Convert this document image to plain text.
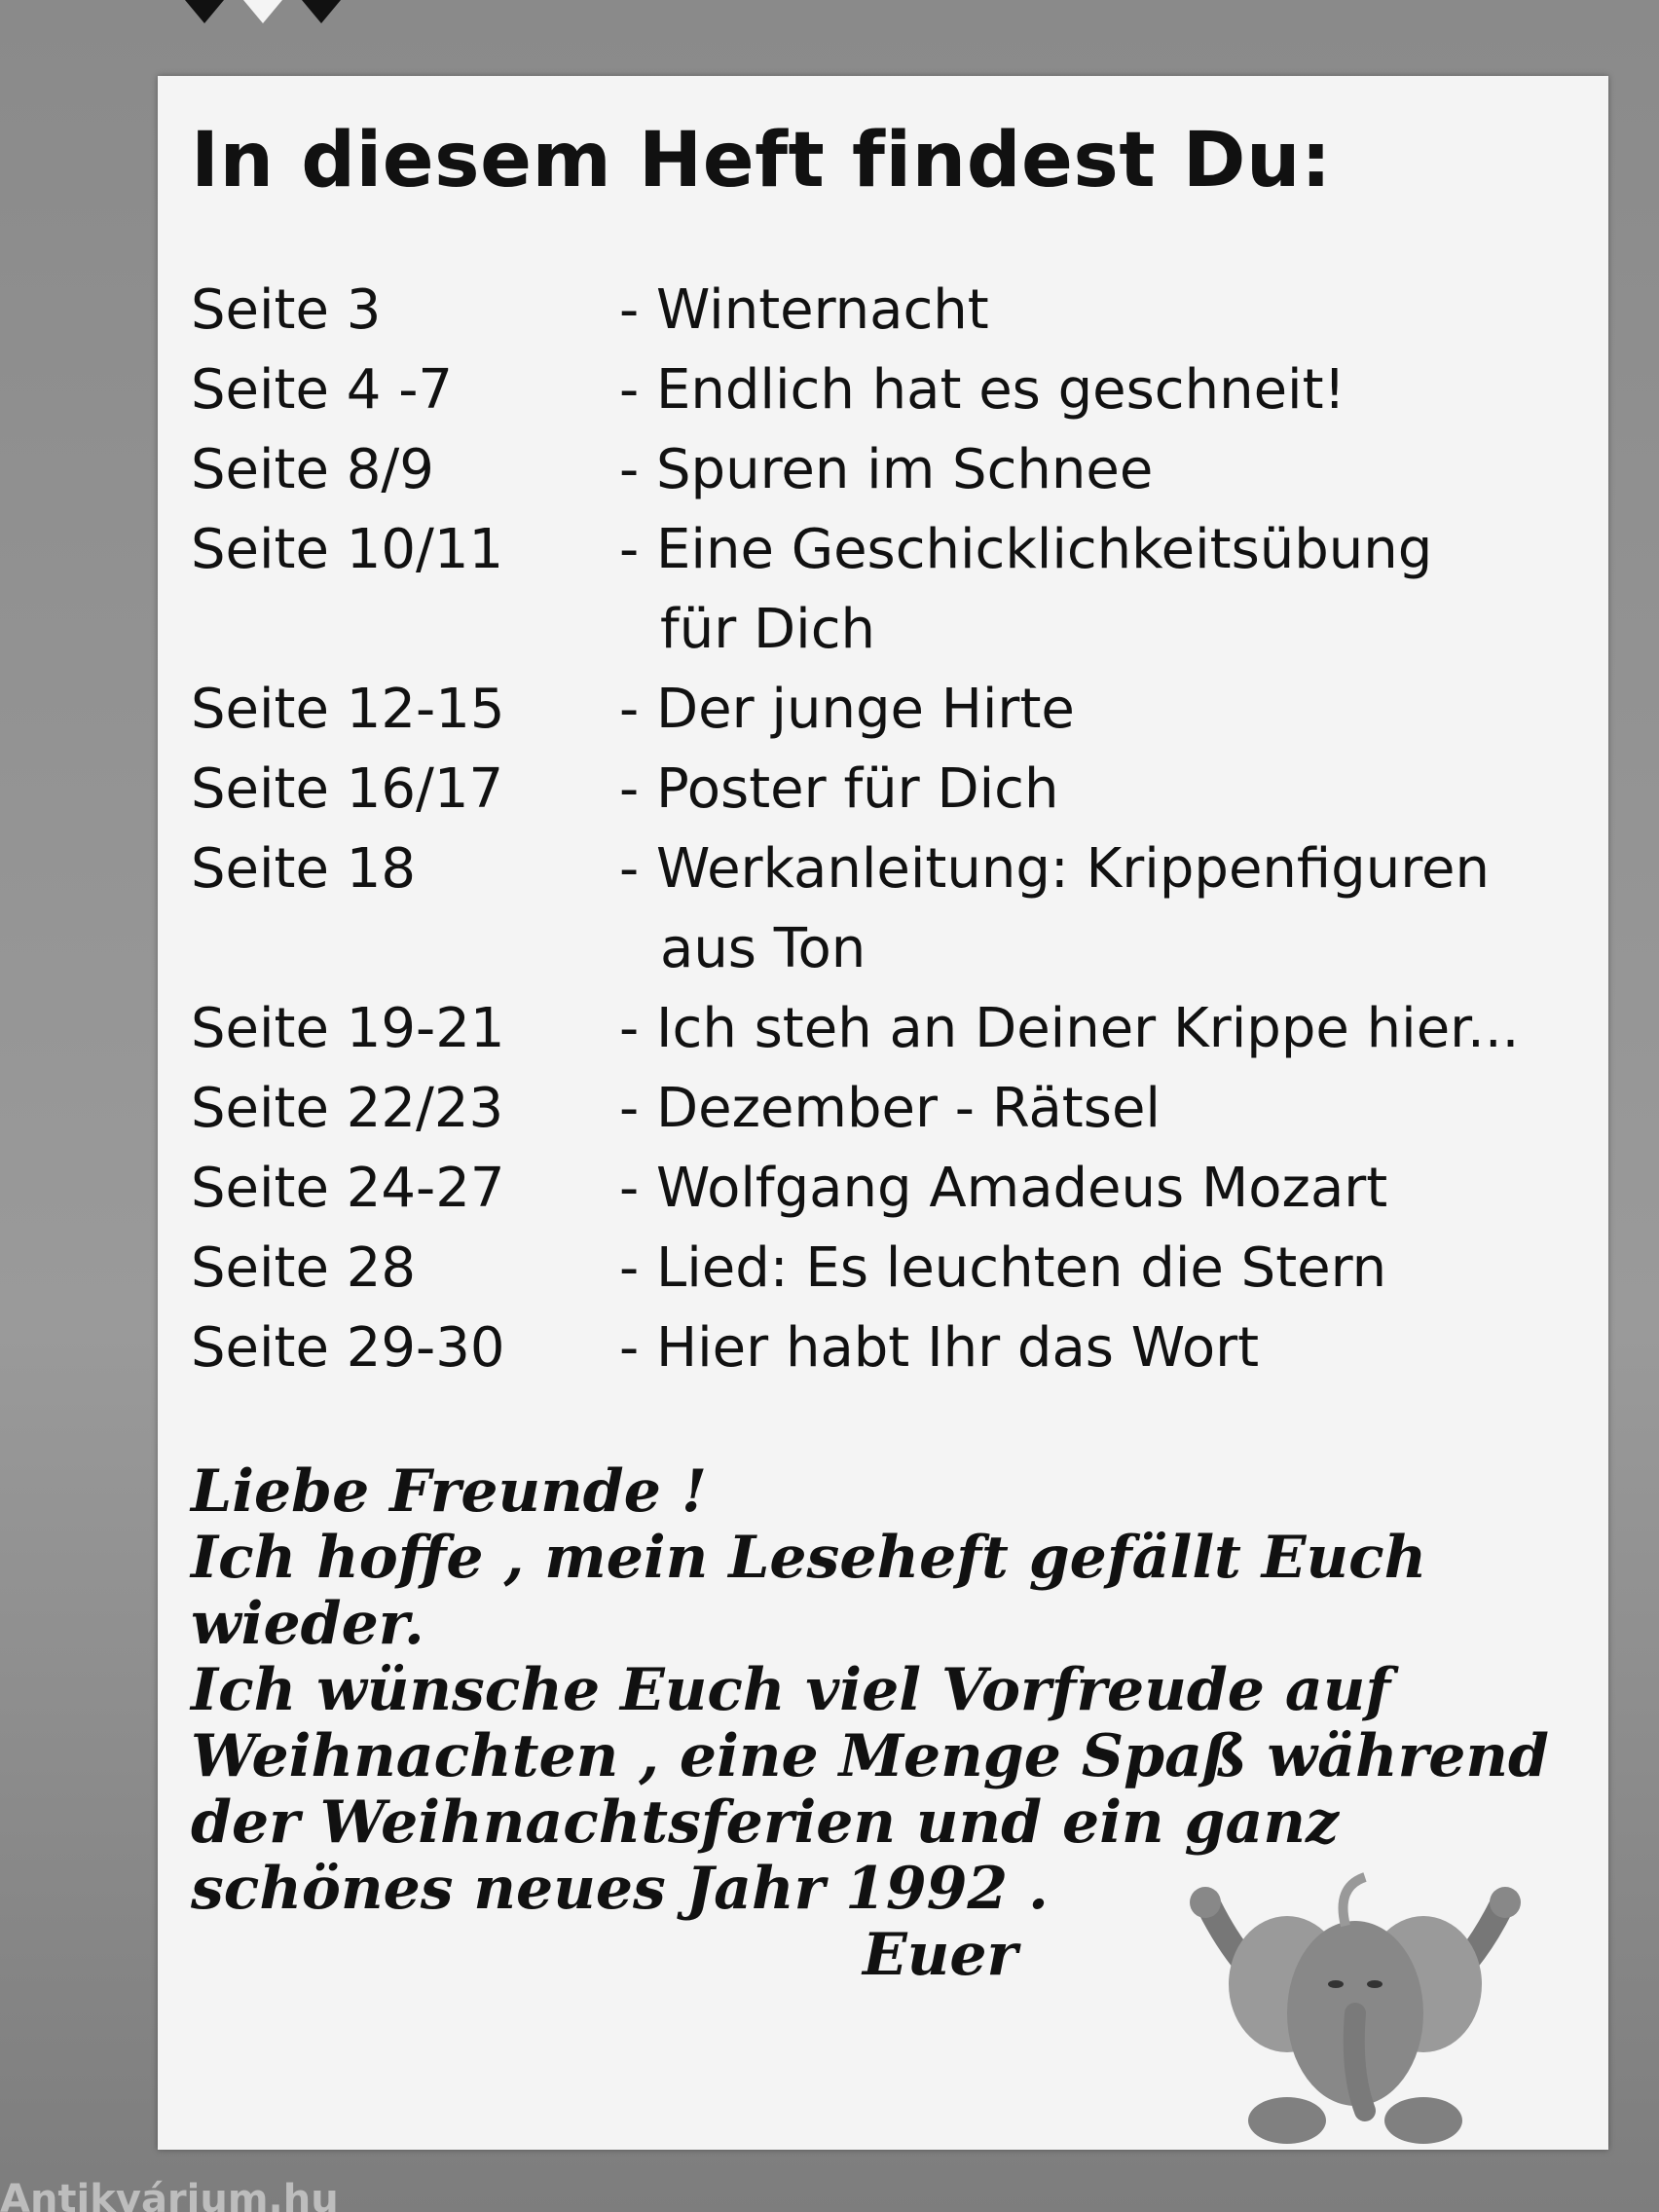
In diesem Heft findest Du:
Seite 3	- Winternacht
Seite 4 -7	- Endlich hat es geschneit!
Seite 8/9	- Spuren im Schnee
Seite 10/11	- Eine Geschicklichkeitsübung
für Dich
Seite 12-15	- Der junge Hirte
Seite 16/17	- Poster für Dich
Seite 18	- Werkanleitung: Krippenfiguren
aus Ton
Seite 19-21	- Ich steh an Deiner Krippe hier...
Seite 22/23	- Dezember - Rätsel
Seite 24-27	- Wolfgang Amadeus Mozart
Seite 28	- Lied: Es leuchten die Stern
Seite 29-30	- Hier habt Ihr das Wort
Liebe Freunde !
Ich hoffe , mein Leseheft gefällt Euch
wieder.
Ich wünsche Euch viel Vorfreude auf
Weihnachten , eine Menge Spaß während
der Weihnachtsferien und ein ganz
schönes neues Jahr 1992 .
Euer
Antikvárium.hu
